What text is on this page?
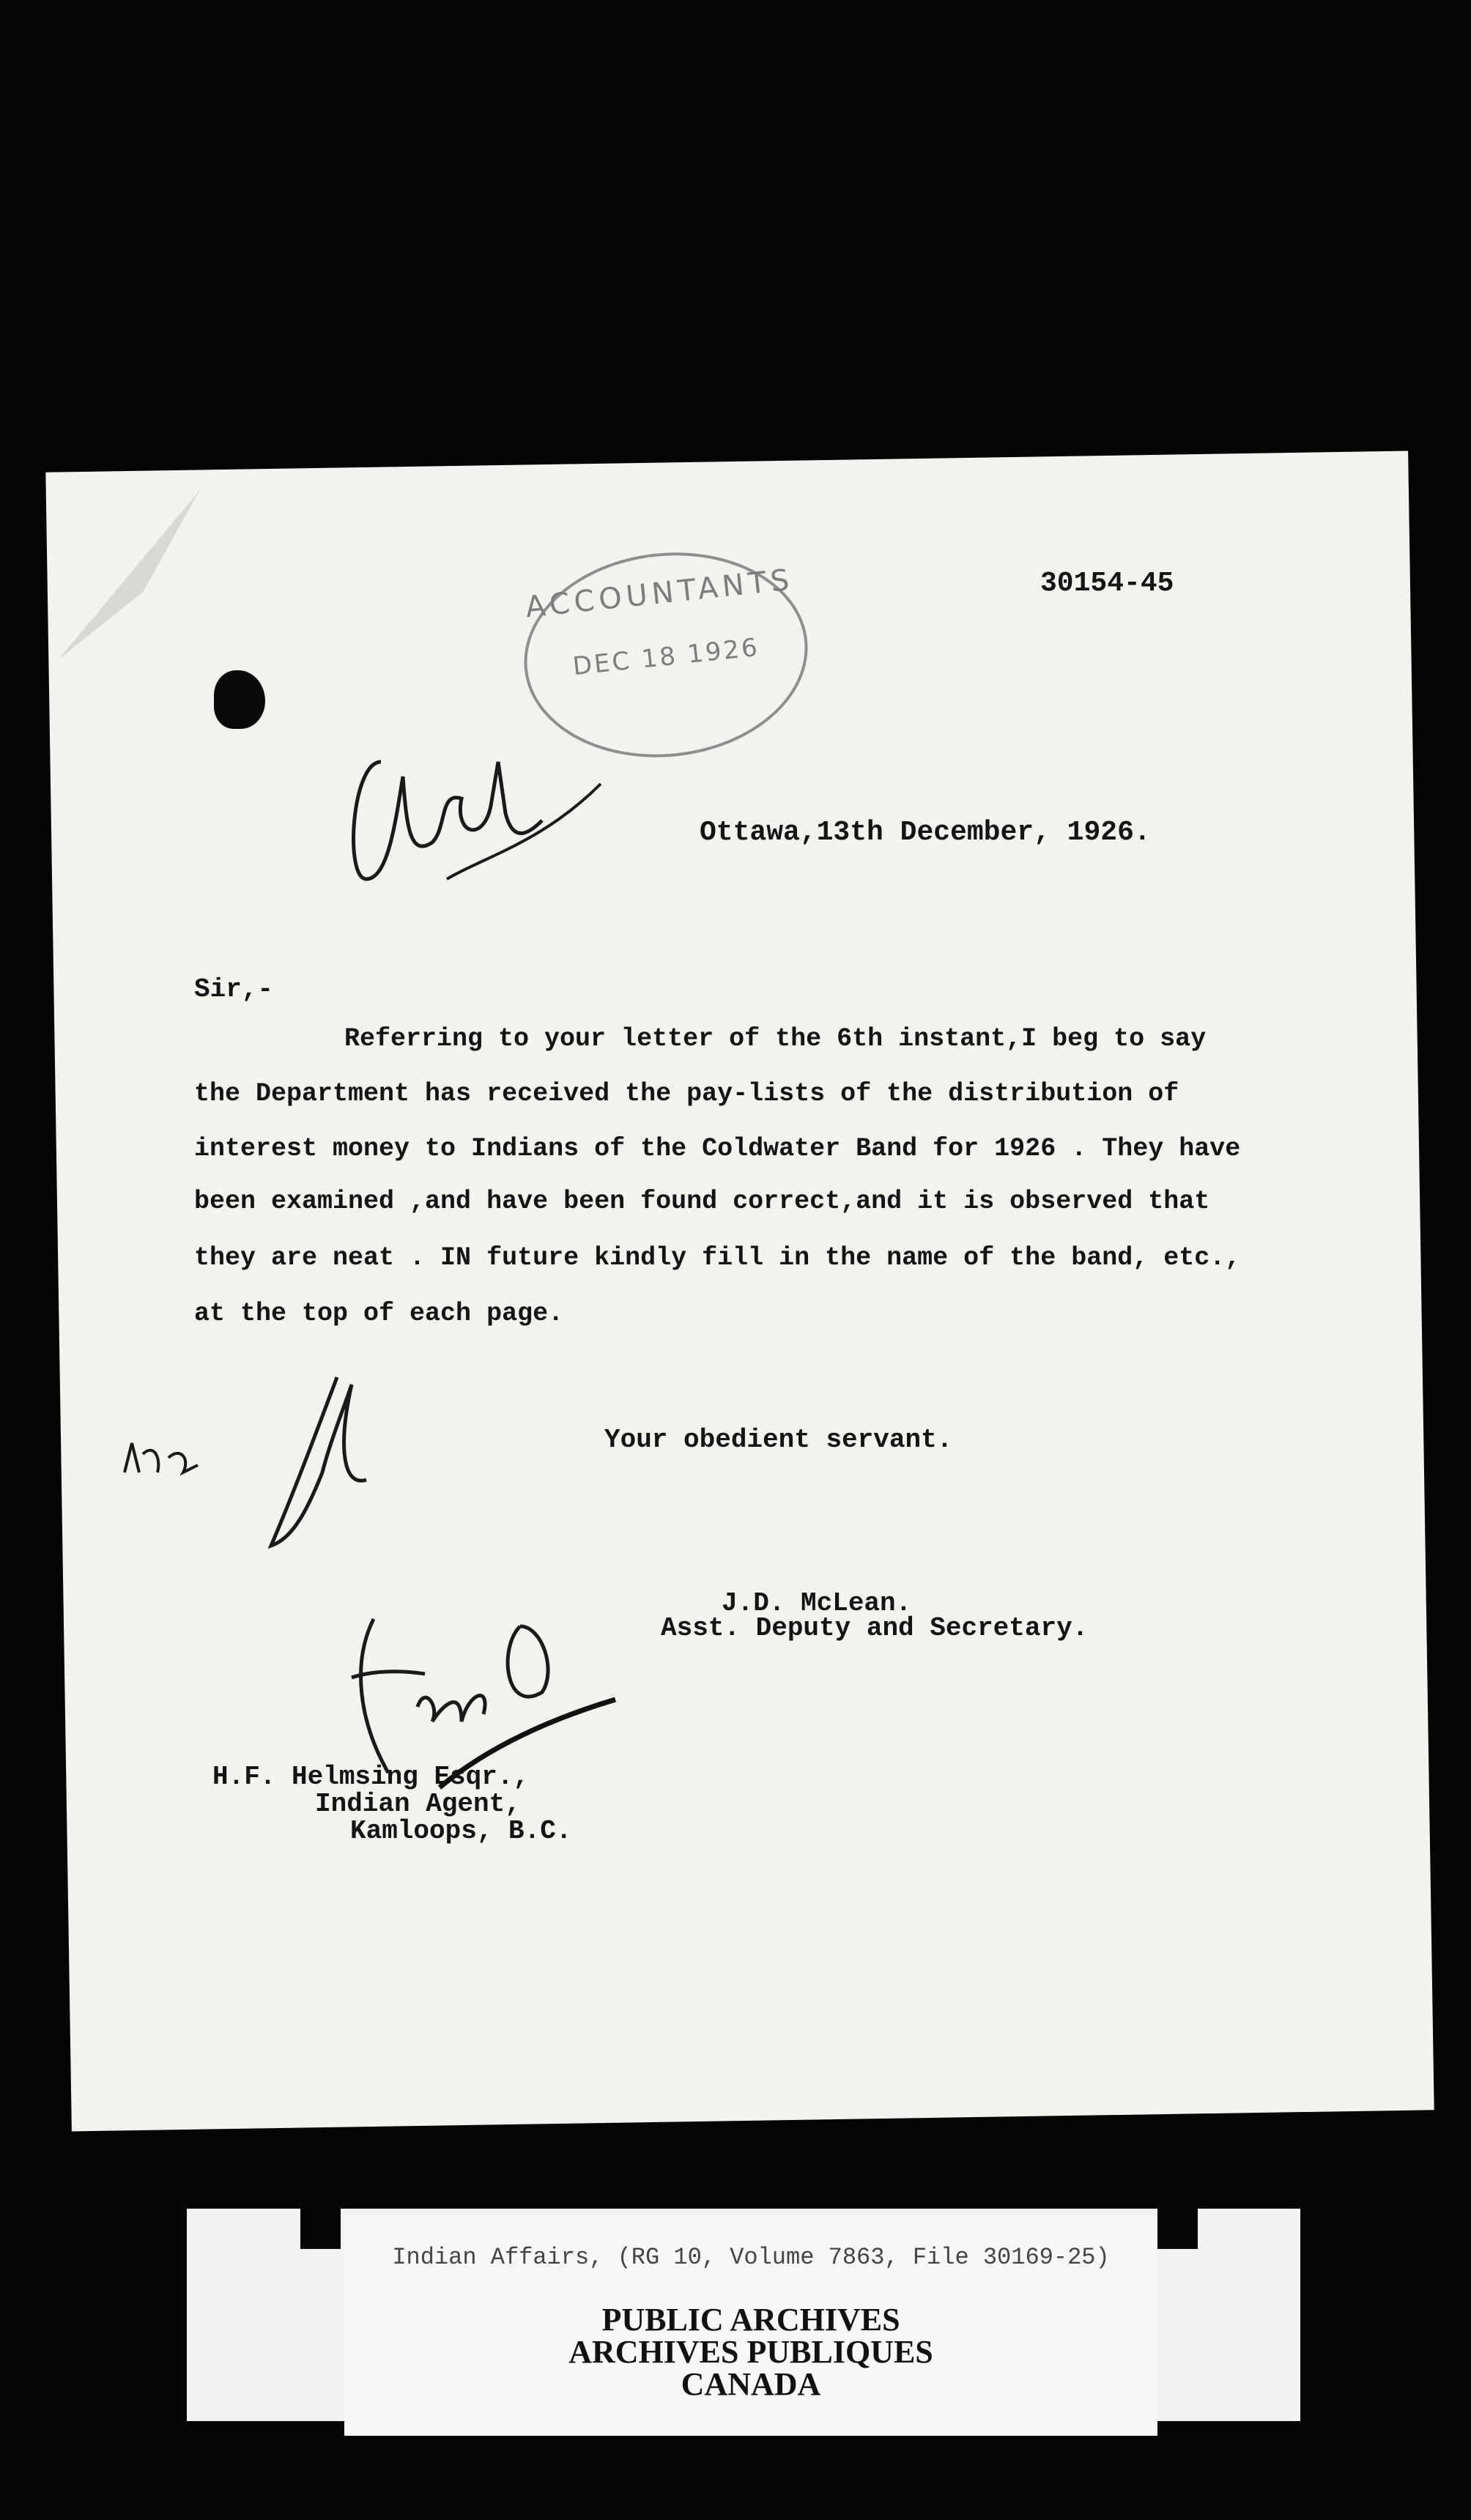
ACCOUNTANTS
DEC 18 1926
30154-45
Ottawa,13th December, 1926.
Sir,-
Referring to your letter of the 6th instant,I beg to say
the Department has received the pay-lists of the distribution of
interest money to Indians of the Coldwater Band for 1926 . They have
been examined ,and have been found correct,and it is observed that
they are neat . IN future kindly fill in the name of the band, etc.,
at the top of each page.
Your obedient servant.
J.D. McLean.
Asst. Deputy and Secretary.
H.F. Helmsing Esqr.,
Indian Agent,
Kamloops, B.C.
Indian Affairs, (RG 10, Volume 7863, File 30169-25)
PUBLIC ARCHIVES
ARCHIVES PUBLIQUES
CANADA
